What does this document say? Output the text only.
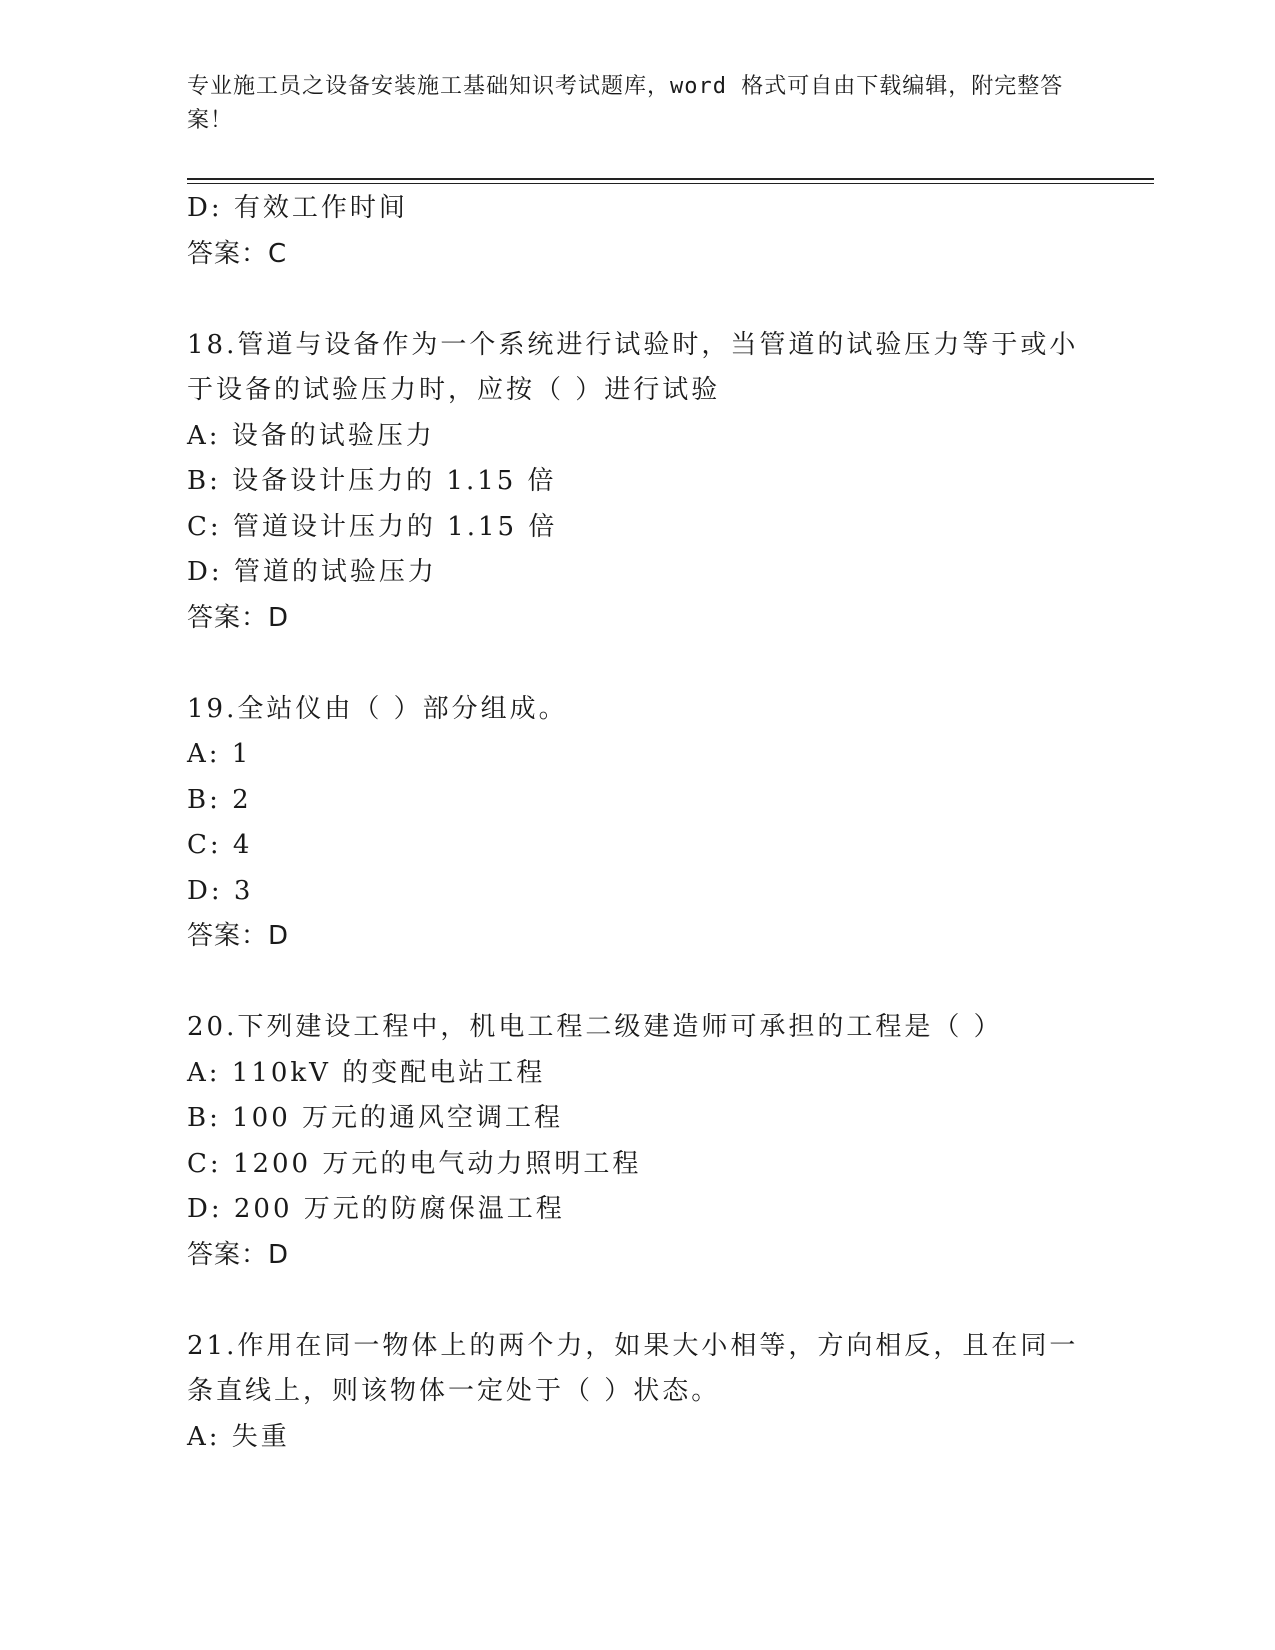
专业施工员之设备安装施工基础知识考试题库，word 格式可自由下载编辑，附完整答案！
D: 有效工作时间
答案：C
18.管道与设备作为一个系统进行试验时，当管道的试验压力等于或小于设备的试验压力时，应按（ ）进行试验
A: 设备的试验压力
B: 设备设计压力的 1.15 倍
C: 管道设计压力的 1.15 倍
D: 管道的试验压力
答案：D
19.全站仪由（ ）部分组成。
A: 1
B: 2
C: 4
D: 3
答案：D
20.下列建设工程中，机电工程二级建造师可承担的工程是（ ）
A: 110kV 的变配电站工程
B: 100 万元的通风空调工程
C: 1200 万元的电气动力照明工程
D: 200 万元的防腐保温工程
答案：D
21.作用在同一物体上的两个力，如果大小相等，方向相反，且在同一条直线上，则该物体一定处于（ ）状态。
A: 失重
